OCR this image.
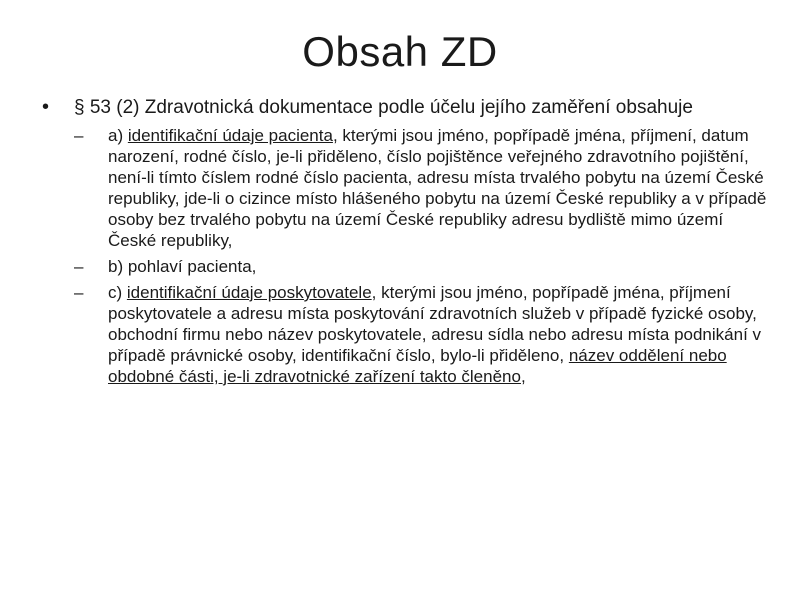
Obsah ZD
• § 53 (2) Zdravotnická dokumentace podle účelu jejího zaměření obsahuje
– a) identifikační údaje pacienta, kterými jsou jméno, popřípadě jména, příjmení, datum narození, rodné číslo, je-li přiděleno, číslo pojištěnce veřejného zdravotního pojištění, není-li tímto číslem rodné číslo pacienta, adresu místa trvalého pobytu na území České republiky, jde-li o cizince místo hlášeného pobytu na území České republiky a v případě osoby bez trvalého pobytu na území České republiky adresu bydliště mimo území České republiky,
– b) pohlaví pacienta,
– c) identifikační údaje poskytovatele, kterými jsou jméno, popřípadě jména, příjmení poskytovatele a adresu místa poskytování zdravotních služeb v případě fyzické osoby, obchodní firmu nebo název poskytovatele, adresu sídla nebo adresu místa podnikání v případě právnické osoby, identifikační číslo, bylo-li přiděleno, název oddělení nebo obdobné části, je-li zdravotnické zařízení takto členěno,
